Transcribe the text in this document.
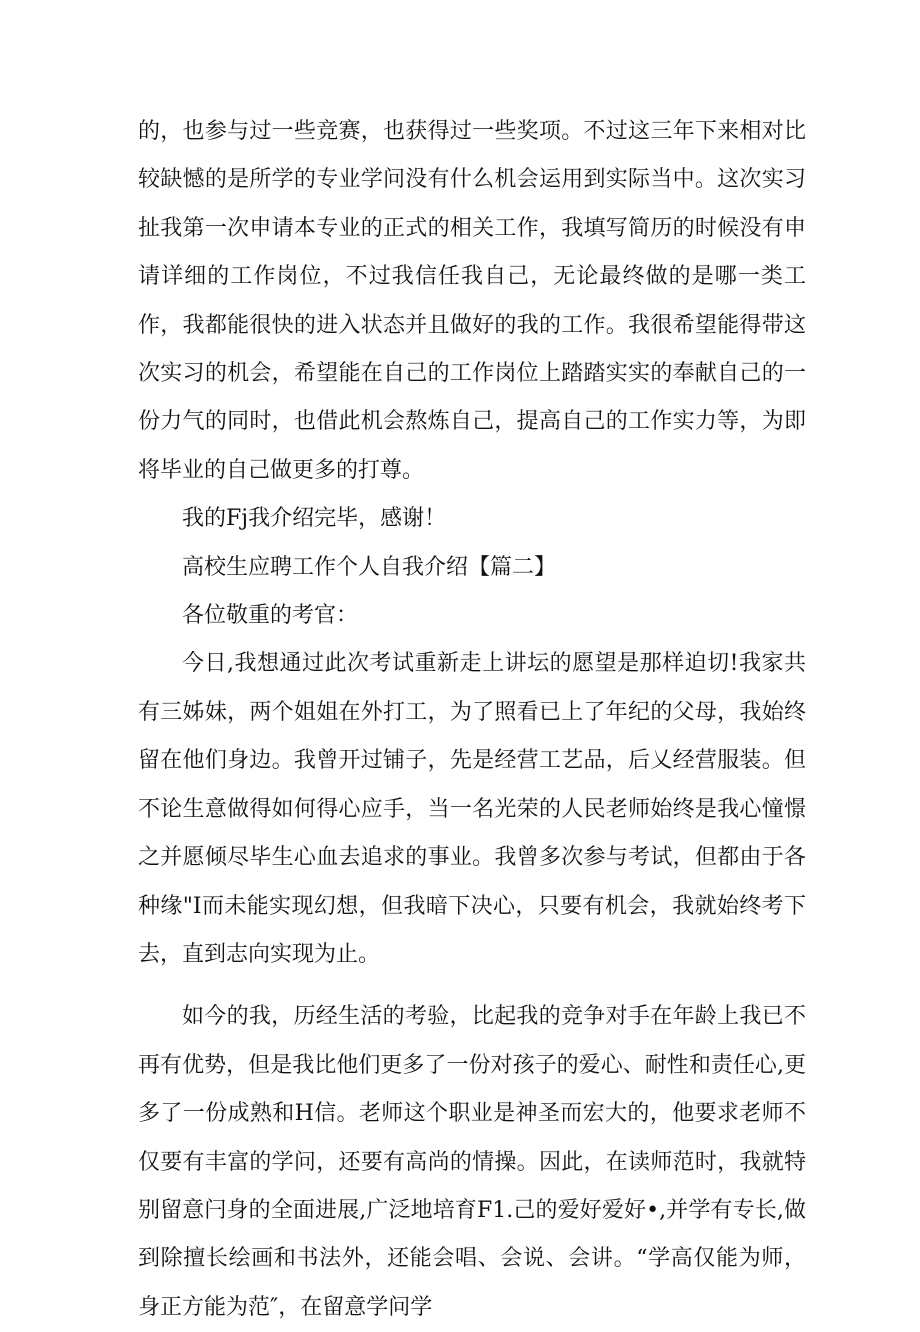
的，也参与过一些竞赛，也获得过一些奖项。不过这三年下来相对比较缺憾的是所学的专业学问没有什么机会运用到实际当中。这次实习扯我第一次申请本专业的正式的相关工作，我填写简历的时候没有申请详细的工作岗位，不过我信任我自己，无论最终做的是哪一类工作，我都能很快的进入状态并且做好的我的工作。我很希望能得带这次实习的机会，希望能在自己的工作岗位上踏踏实实的奉献自己的一份力气的同时，也借此机会熬炼自己，提高自己的工作实力等，为即将毕业的自己做更多的打尊。

我的Fj我介绍完毕，感谢！

高校生应聘工作个人自我介绍【篇二】

各位敬重的考官：

今日,我想通过此次考试重新走上讲坛的愿望是那样迫切!我家共有三姊妹，两个姐姐在外打工，为了照看已上了年纪的父母，我始终留在他们身边。我曾开过铺子，先是经营工艺品，后乂经营服装。但不论生意做得如何得心应手，当一名光荣的人民老师始终是我心憧憬之并愿倾尽毕生心血去追求的事业。我曾多次参与考试，但都由于各种缘"I而未能实现幻想，但我暗下决心，只要有机会，我就始终考下去，直到志向实现为止。

如今的我，历经生活的考验，比起我的竞争对手在年龄上我已不再有优势，但是我比他们更多了一份对孩子的爱心、耐性和责任心,更多了一份成熟和H信。老师这个职业是神圣而宏大的，他要求老师不仅要有丰富的学问，还要有高尚的情操。因此，在读师范时，我就特别留意闩身的全面进展,广泛地培育F1.己的爱好爱好•,并学有专长,做到除擅长绘画和书法外，还能会唱、会说、会讲。“学高仅能为师，身正方能为范″，在留意学问学
